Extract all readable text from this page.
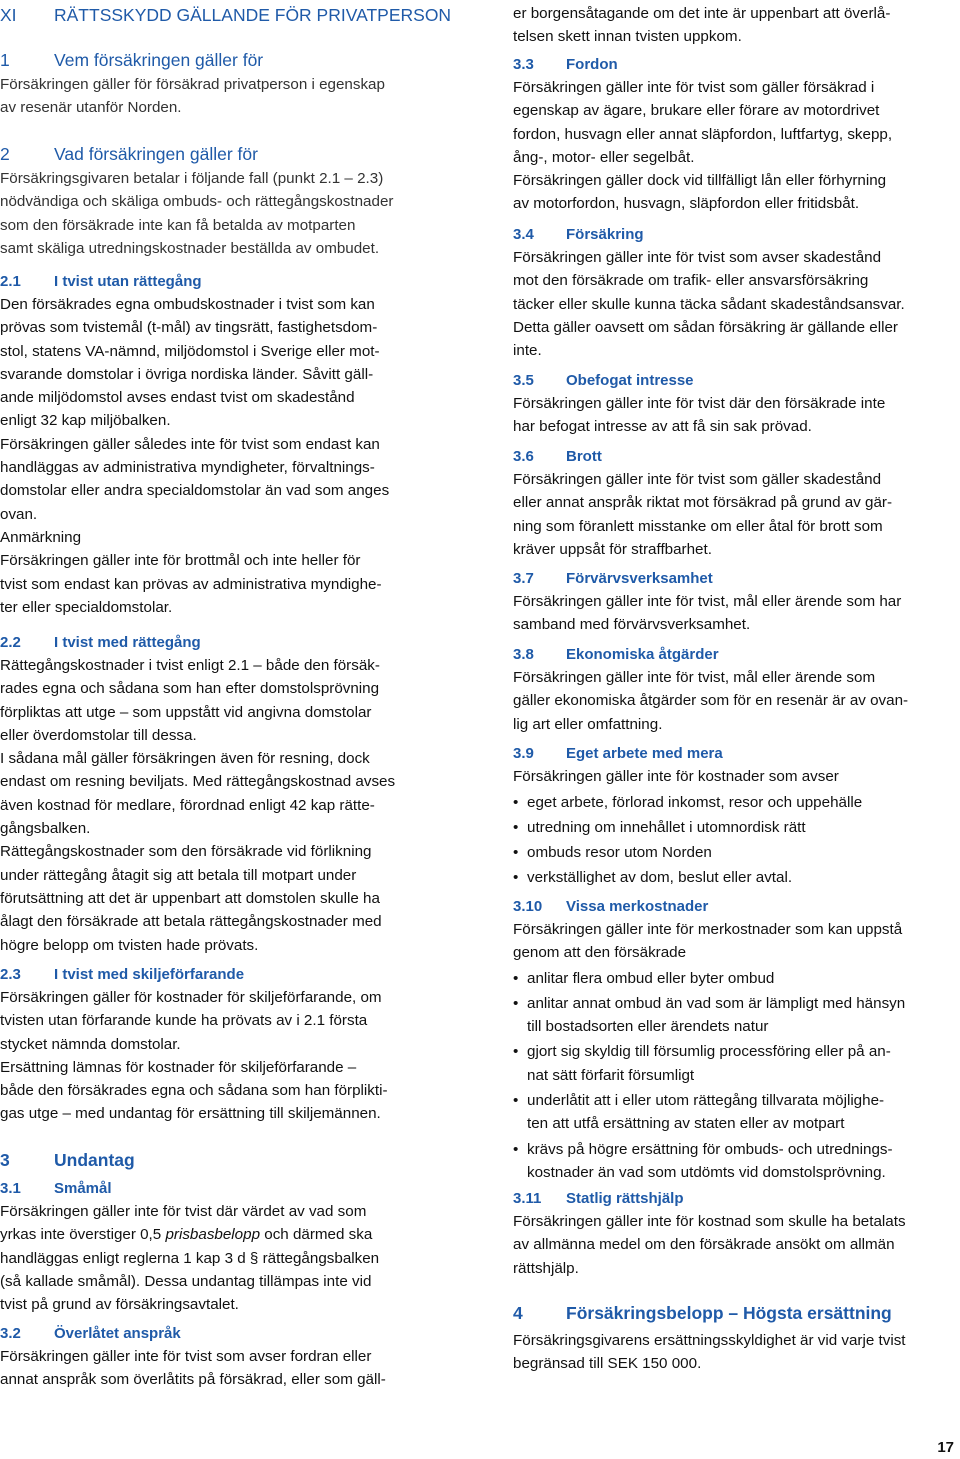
XI RÄTTSSKYDD GÄLLANDE FÖR PRIVATPERSON
1	Vem försäkringen gäller för

Försäkringen gäller för försäkrad privatperson i egenskap
av resenär utanför Norden.

2	Vad försäkringen gäller för

Försäkringsgivaren betalar i följande fall (punkt 2.1 – 2.3)
nödvändiga och skäliga ombuds- och rättegångskostnader
som den försäkrade inte kan få betalda av motparten
samt skäliga utredningskostnader beställda av ombudet.

2.1 I tvist utan rättegång

Den försäkrades egna ombudskostnader i tvist som kan
prövas som tvistemål (t-mål) av tingsrätt, fastighetsdom-
stol, statens VA-nämnd, miljödomstol i Sverige eller mot-
svarande domstolar i övriga nordiska länder. Såvitt gäll-
ande miljödomstol avses endast tvist om skadestånd
enligt 32 kap miljöbalken.

Försäkringen gäller således inte för tvist som endast kan
handläggas av administrativa myndigheter, förvaltnings-
domstolar eller andra specialdomstolar än vad som anges
ovan.

Anmärkning

Försäkringen gäller inte för brottmål och inte heller för
tvist som endast kan prövas av administrativa myndighe-
ter eller specialdomstolar.

2.2 I tvist med rättegång

Rättegångskostnader i tvist enligt 2.1 – både den försäk-
rades egna och sådana som han efter domstolsprövning
förpliktas att utge – som uppstått vid angivna domstolar
eller överdomstolar till dessa.

I sådana mål gäller försäkringen även för resning, dock
endast om resning beviljats. Med rättegångskostnad avses
även kostnad för medlare, förordnad enligt 42 kap rätte-
gångsbalken.

Rättegångskostnader som den försäkrade vid förlikning
under rättegång åtagit sig att betala till motpart under
förutsättning att det är uppenbart att domstolen skulle ha
ålagt den försäkrade att betala rättegångskostnader med
högre belopp om tvisten hade prövats.

2.3 I tvist med skiljeförfarande

Försäkringen gäller för kostnader för skiljeförfarande, om
tvisten utan förfarande kunde ha prövats av i 2.1 första
stycket nämnda domstolar.

Ersättning lämnas för kostnader för skiljeförfarande –
både den försäkrades egna och sådana som han förplikti-
gas utge – med undantag för ersättning till skiljemännen.

3	Undantag
3.1 Småmål

Försäkringen gäller inte för tvist där värdet av vad som
yrkas inte överstiger 0,5 prisbasbelopp och därmed ska
handläggas enligt reglerna 1 kap 3 d § rättegångsbalken
(så kallade småmål). Dessa undantag tillämpas inte vid
tvist på grund av försäkringsavtalet.

3.2 Överlåtet anspråk

Försäkringen gäller inte för tvist som avser fordran eller
annat anspråk som överlåtits på försäkrad, eller som gäll-

er borgensåtagande om det inte är uppenbart att överlå-
telsen skett innan tvisten uppkom.

3.3 Fordon

Försäkringen gäller inte för tvist som gäller försäkrad i
egenskap av ägare, brukare eller förare av motordrivet
fordon, husvagn eller annat släpfordon, luftfartyg, skepp,
ång-, motor- eller segelbåt.

Försäkringen gäller dock vid tillfälligt lån eller förhyrning
av motorfordon, husvagn, släpfordon eller fritidsbåt.

3.4 Försäkring

Försäkringen gäller inte för tvist som avser skadestånd
mot den försäkrade om trafik- eller ansvarsförsäkring
täcker eller skulle kunna täcka sådant skadeståndsansvar.
Detta gäller oavsett om sådan försäkring är gällande eller
inte.

3.5 Obefogat intresse

Försäkringen gäller inte för tvist där den försäkrade inte
har befogat intresse av att få sin sak prövad.

3.6 Brott

Försäkringen gäller inte för tvist som gäller skadestånd
eller annat anspråk riktat mot försäkrad på grund av gär-
ning som föranlett misstanke om eller åtal för brott som
kräver uppsåt för straffbarhet.

3.7 Förvärvsverksamhet

Försäkringen gäller inte för tvist, mål eller ärende som har
samband med förvärvsverksamhet.

3.8 Ekonomiska åtgärder

Försäkringen gäller inte för tvist, mål eller ärende som
gäller ekonomiska åtgärder som för en resenär är av ovan-
lig art eller omfattning.

3.9 Eget arbete med mera

Försäkringen gäller inte för kostnader som avser

• eget arbete, förlorad inkomst, resor och uppehälle
• utredning om innehållet i utomnordisk rätt
• ombuds resor utom Norden
• verkställighet av dom, beslut eller avtal.
3.10 Vissa merkostnader

Försäkringen gäller inte för merkostnader som kan uppstå
genom att den försäkrade

• anlitar flera ombud eller byter ombud
• anlitar annat ombud än vad som är lämpligt med hänsyn
till bostadsorten eller ärendets natur
• gjort sig skyldig till försumlig processföring eller på an-
nat sätt förfarit försumligt
• underlåtit att i eller utom rättegång tillvarata möjlighe-
ten att utfå ersättning av staten eller av motpart
• krävs på högre ersättning för ombuds- och utrednings-
kostnader än vad som utdömts vid domstolsprövning.
3.11 Statlig rättshjälp

Försäkringen gäller inte för kostnad som skulle ha betalats
av allmänna medel om den försäkrade ansökt om allmän
rättshjälp.

4 Försäkringsbelopp – Högsta ersättning

Försäkringsgivarens ersättningsskyldighet är vid varje tvist
begränsad till SEK 150 000.

17
